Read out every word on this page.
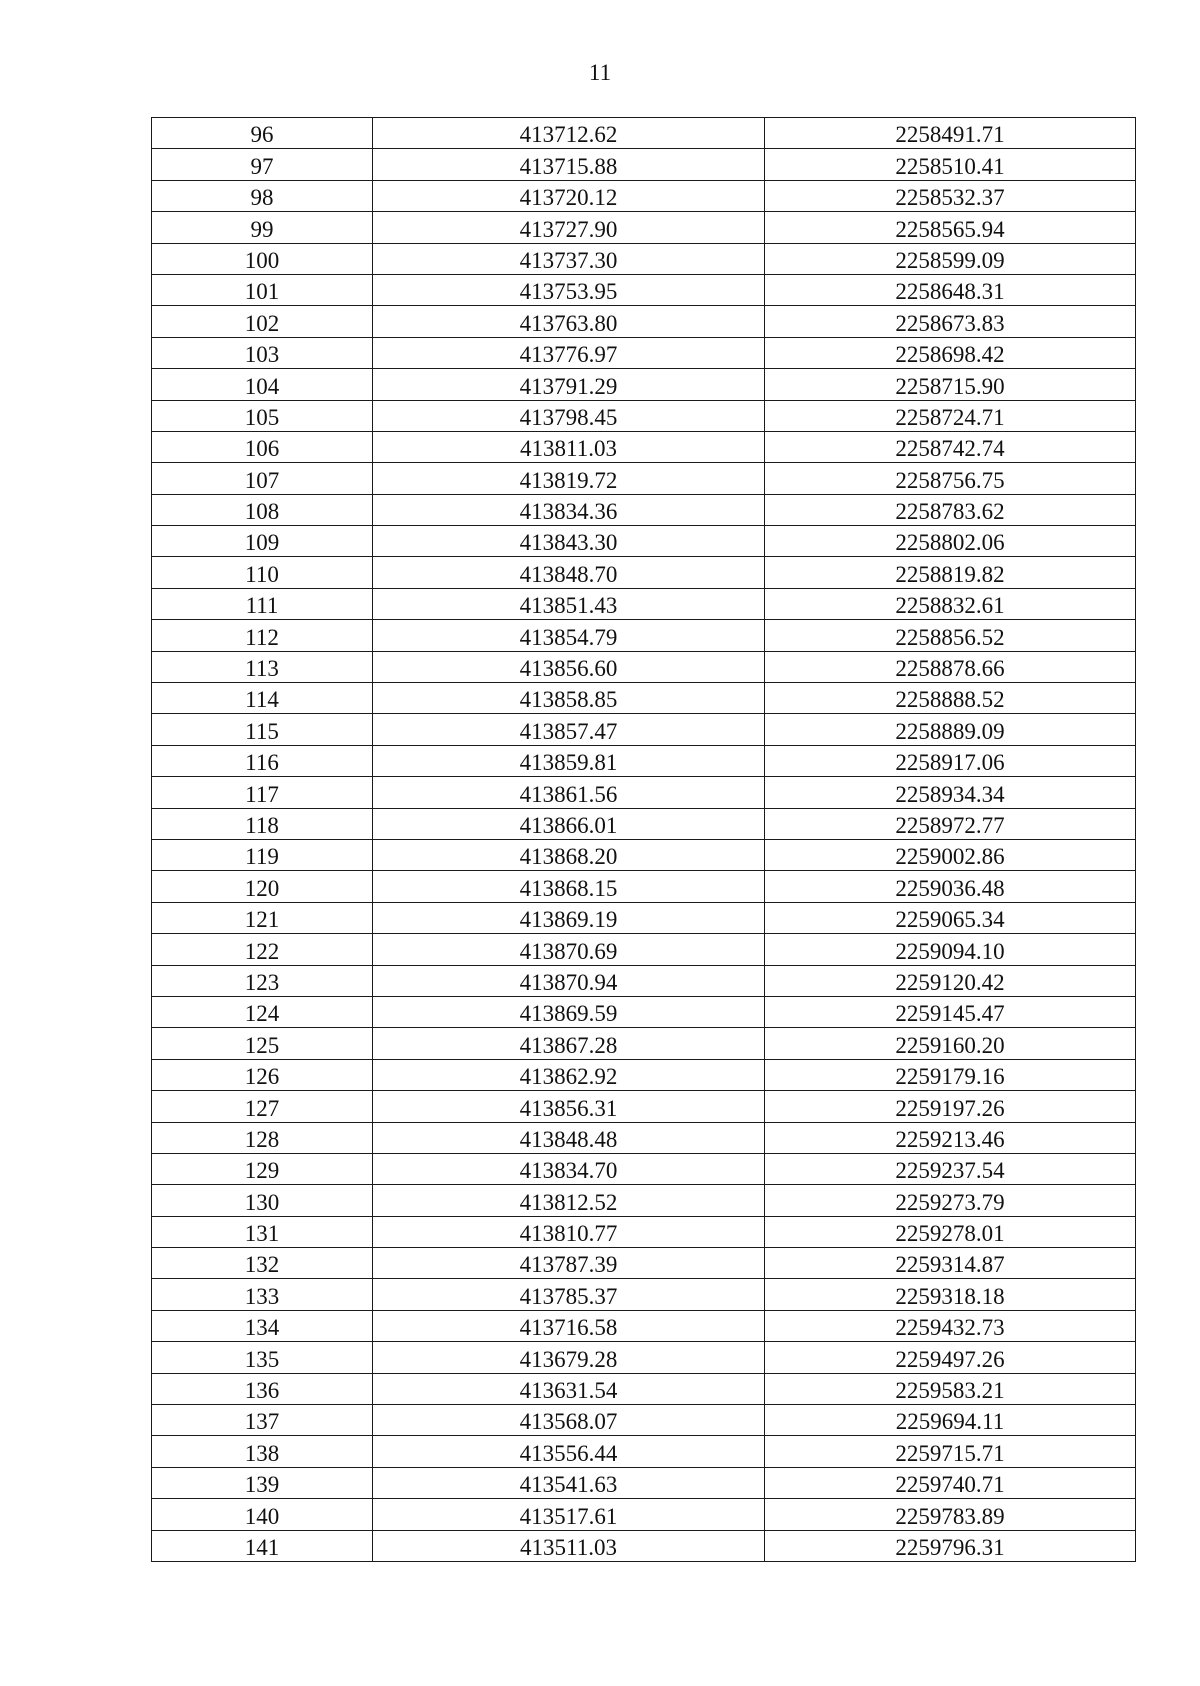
11
96	413712.62	2258491.71
97	413715.88	2258510.41
98	413720.12	2258532.37
99	413727.90	2258565.94
100	413737.30	2258599.09
101	413753.95	2258648.31
102	413763.80	2258673.83
103	413776.97	2258698.42
104	413791.29	2258715.90
105	413798.45	2258724.71
106	413811.03	2258742.74
107	413819.72	2258756.75
108	413834.36	2258783.62
109	413843.30	2258802.06
110	413848.70	2258819.82
111	413851.43	2258832.61
112	413854.79	2258856.52
113	413856.60	2258878.66
114	413858.85	2258888.52
115	413857.47	2258889.09
116	413859.81	2258917.06
117	413861.56	2258934.34
118	413866.01	2258972.77
119	413868.20	2259002.86
120	413868.15	2259036.48
121	413869.19	2259065.34
122	413870.69	2259094.10
123	413870.94	2259120.42
124	413869.59	2259145.47
125	413867.28	2259160.20
126	413862.92	2259179.16
127	413856.31	2259197.26
128	413848.48	2259213.46
129	413834.70	2259237.54
130	413812.52	2259273.79
131	413810.77	2259278.01
132	413787.39	2259314.87
133	413785.37	2259318.18
134	413716.58	2259432.73
135	413679.28	2259497.26
136	413631.54	2259583.21
137	413568.07	2259694.11
138	413556.44	2259715.71
139	413541.63	2259740.71
140	413517.61	2259783.89
141	413511.03	2259796.31
